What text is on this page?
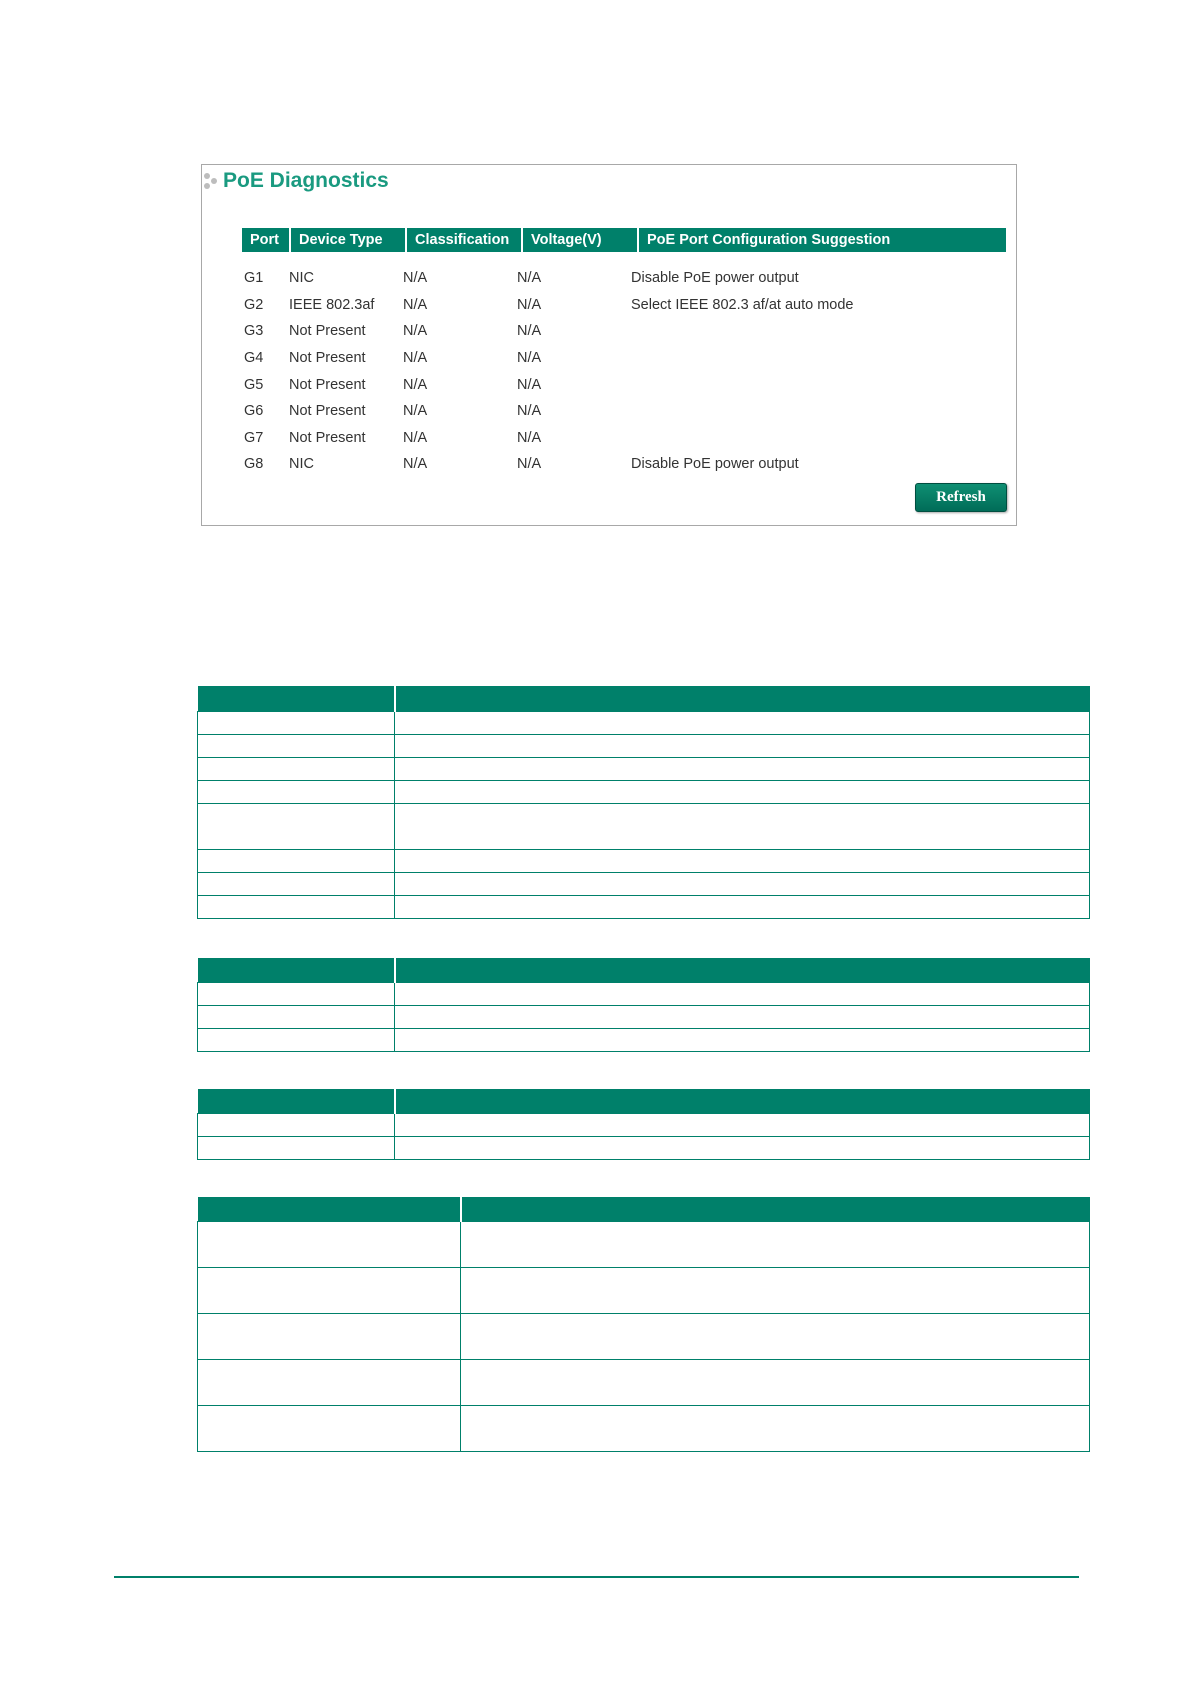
PoE Diagnostics
Port	Device Type	Classification	Voltage(V)	PoE Port Configuration Suggestion
G1	NIC	N/A	N/A	Disable PoE power output
G2	IEEE 802.3af	N/A	N/A	Select IEEE 802.3 af/at auto mode
G3	Not Present	N/A	N/A
G4	Not Present	N/A	N/A
G5	Not Present	N/A	N/A
G6	Not Present	N/A	N/A
G7	Not Present	N/A	N/A
G8	NIC	N/A	N/A	Disable PoE power output
Refresh
